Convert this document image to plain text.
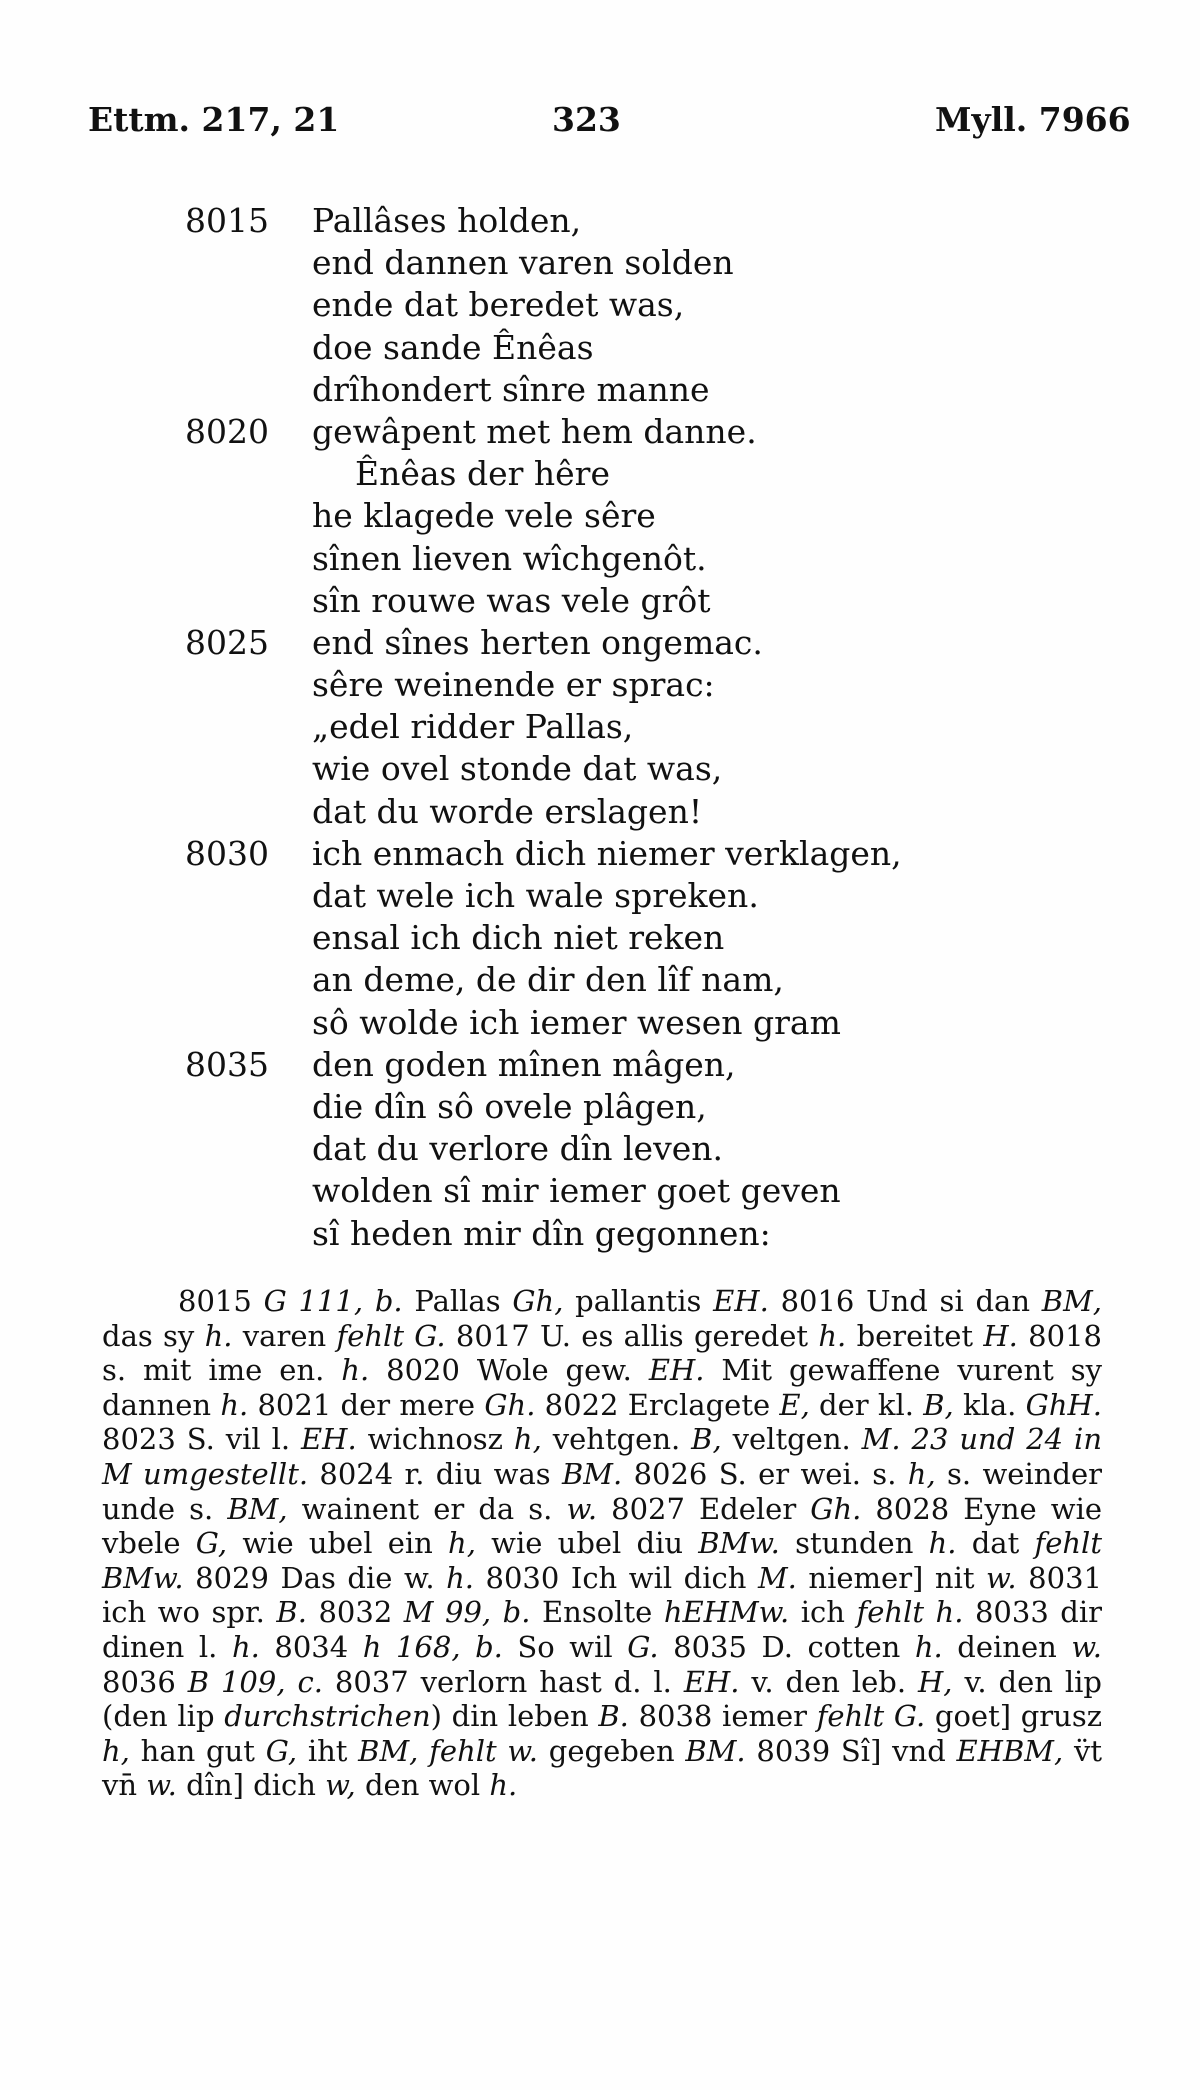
Ettm. 217, 21	323	Myll. 7966
8015 Pallâses holden,
end dannen varen solden
ende dat beredet was,
doe sande Ênêas
drîhondert sînre manne
8020 gewâpent met hem danne.
Ênêas der hêre
he klagede vele sêre
sînen lieven wîchgenôt.
sîn rouwe was vele grôt
8025 end sînes herten ongemac.
sêre weinende er sprac:
„edel ridder Pallas,
wie ovel stonde dat was,
dat du worde erslagen!
8030 ich enmach dich niemer verklagen,
dat wele ich wale spreken.
ensal ich dich niet reken
an deme, de dir den lîf nam,
sô wolde ich iemer wesen gram
8035 den goden mînen mâgen,
die dîn sô ovele plâgen,
dat du verlore dîn leven.
wolden sî mir iemer goet geven
sî heden mir dîn gegonnen:

8015 G 111, b. Pallas Gh, pallantis EH. 8016 Und si dan BM, das sy h. varen fehlt G. 8017 U. es allis geredet h. bereitet H. 8018 s. mit ime en. h. 8020 Wole gew. EH. Mit gewaffene vurent sy dannen h. 8021 der mere Gh. 8022 Erclagete E, der kl. B, kla. GhH. 8023 S. vil l. EH. wichnosz h, vehtgen. B, veltgen. M. 23 und 24 in M umgestellt. 8024 r. diu was BM. 8026 S. er wei. s. h, s. weinder unde s. BM, wainent er da s. w. 8027 Edeler Gh. 8028 Eyne wie vbele G, wie ubel ein h, wie ubel diu BMw. stunden h. dat fehlt BMw. 8029 Das die w. h. 8030 Ich wil dich M. niemer] nit w. 8031 ich wo spr. B. 8032 M 99, b. Ensolte hEHMw. ich fehlt h. 8033 dir dinen l. h. 8034 h 168, b. So wil G. 8035 D. cotten h. deinen w. 8036 B 109, c. 8037 verlorn hast d. l. EH. v. den leb. H, v. den lip (den lip durchstrichen) din leben B. 8038 iemer fehlt G. goet] grusz h, han gut G, iht BM, fehlt w. gegeben BM. 8039 Sî] vnd EHBM, v̈t vn̄ w. dîn] dich w, den wol h.
